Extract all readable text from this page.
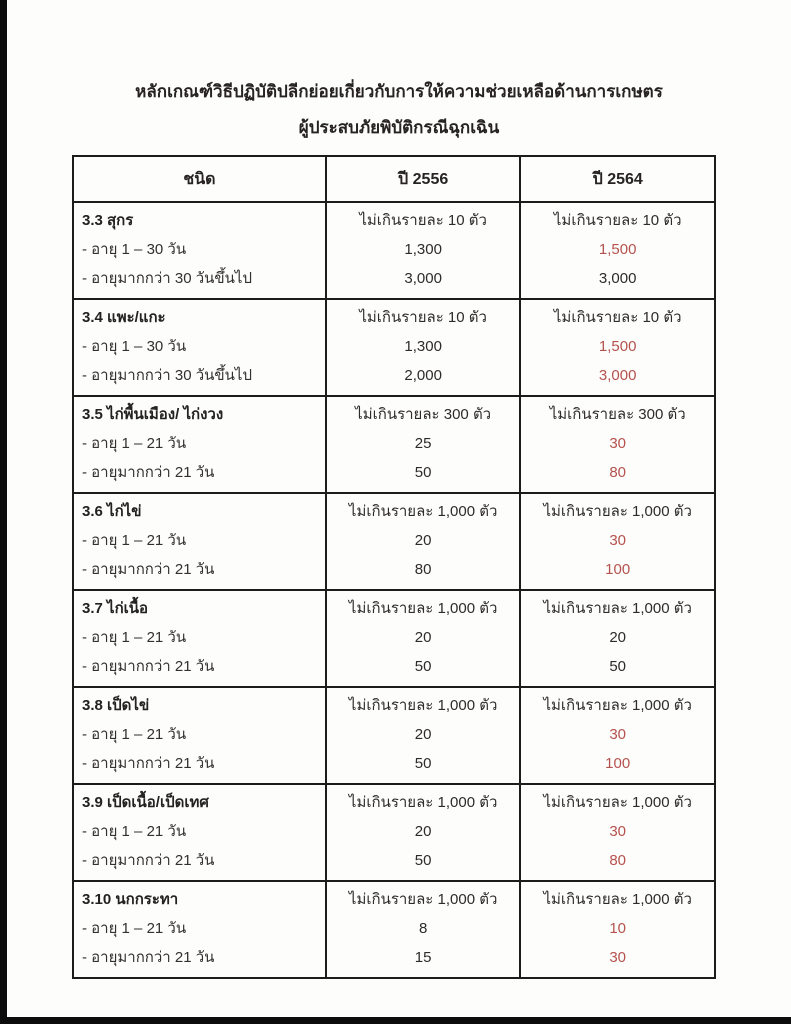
หลักเกณฑ์วิธีปฏิบัติปลีกย่อยเกี่ยวกับการให้ความช่วยเหลือด้านการเกษตร
ผู้ประสบภัยพิบัติกรณีฉุกเฉิน
ชนิด	ปี 2556	ปี 2564
3.3 สุกร
- อายุ 1 – 30 วัน
- อายุมากกว่า 30 วันขึ้นไป
ไม่เกินรายละ 10 ตัว
1,300
3,000
ไม่เกินรายละ 10 ตัว
1,500
3,000
3.4 แพะ/แกะ
- อายุ 1 – 30 วัน
- อายุมากกว่า 30 วันขึ้นไป
ไม่เกินรายละ 10 ตัว
1,300
2,000
ไม่เกินรายละ 10 ตัว
1,500
3,000
3.5 ไก่พื้นเมือง/ ไก่งวง
- อายุ 1 – 21 วัน
- อายุมากกว่า 21 วัน
ไม่เกินรายละ 300 ตัว
25
50
ไม่เกินรายละ 300 ตัว
30
80
3.6 ไก่ไข่
- อายุ 1 – 21 วัน
- อายุมากกว่า 21 วัน
ไม่เกินรายละ 1,000 ตัว
20
80
ไม่เกินรายละ 1,000 ตัว
30
100
3.7 ไก่เนื้อ
- อายุ 1 – 21 วัน
- อายุมากกว่า 21 วัน
ไม่เกินรายละ 1,000 ตัว
20
50
ไม่เกินรายละ 1,000 ตัว
20
50
3.8 เป็ดไข่
- อายุ 1 – 21 วัน
- อายุมากกว่า 21 วัน
ไม่เกินรายละ 1,000 ตัว
20
50
ไม่เกินรายละ 1,000 ตัว
30
100
3.9 เป็ดเนื้อ/เป็ดเทศ
- อายุ 1 – 21 วัน
- อายุมากกว่า 21 วัน
ไม่เกินรายละ 1,000 ตัว
20
50
ไม่เกินรายละ 1,000 ตัว
30
80
3.10 นกกระทา
- อายุ 1 – 21 วัน
- อายุมากกว่า 21 วัน
ไม่เกินรายละ 1,000 ตัว
8
15
ไม่เกินรายละ 1,000 ตัว
10
30
